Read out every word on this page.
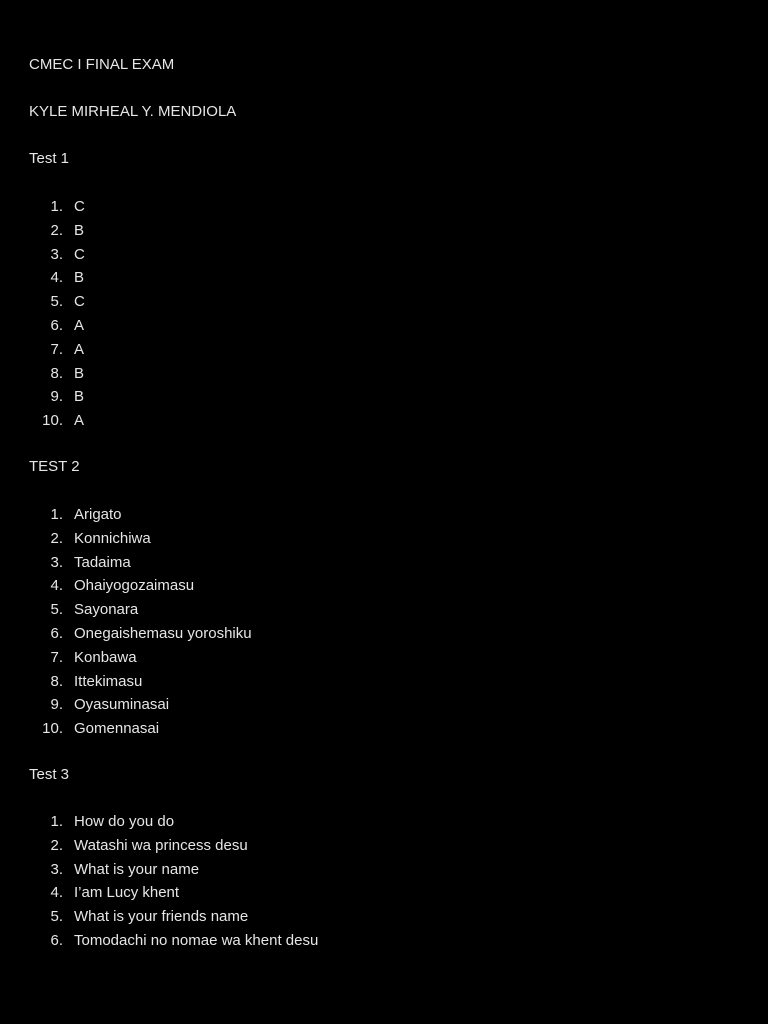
CMEC I FINAL EXAM
KYLE MIRHEAL Y. MENDIOLA
Test 1
1. C
2. B
3. C
4. B
5. C
6. A
7. A
8. B
9. B
10. A
TEST 2
1. Arigato
2. Konnichiwa
3. Tadaima
4. Ohaiyogozaimasu
5. Sayonara
6. Onegaishemasu yoroshiku
7. Konbawa
8. Ittekimasu
9. Oyasuminasai
10. Gomennasai
Test 3
1. How do you do
2. Watashi wa princess desu
3. What is your name
4. I’am Lucy khent
5. What is your friends name
6. Tomodachi no nomae wa khent desu
